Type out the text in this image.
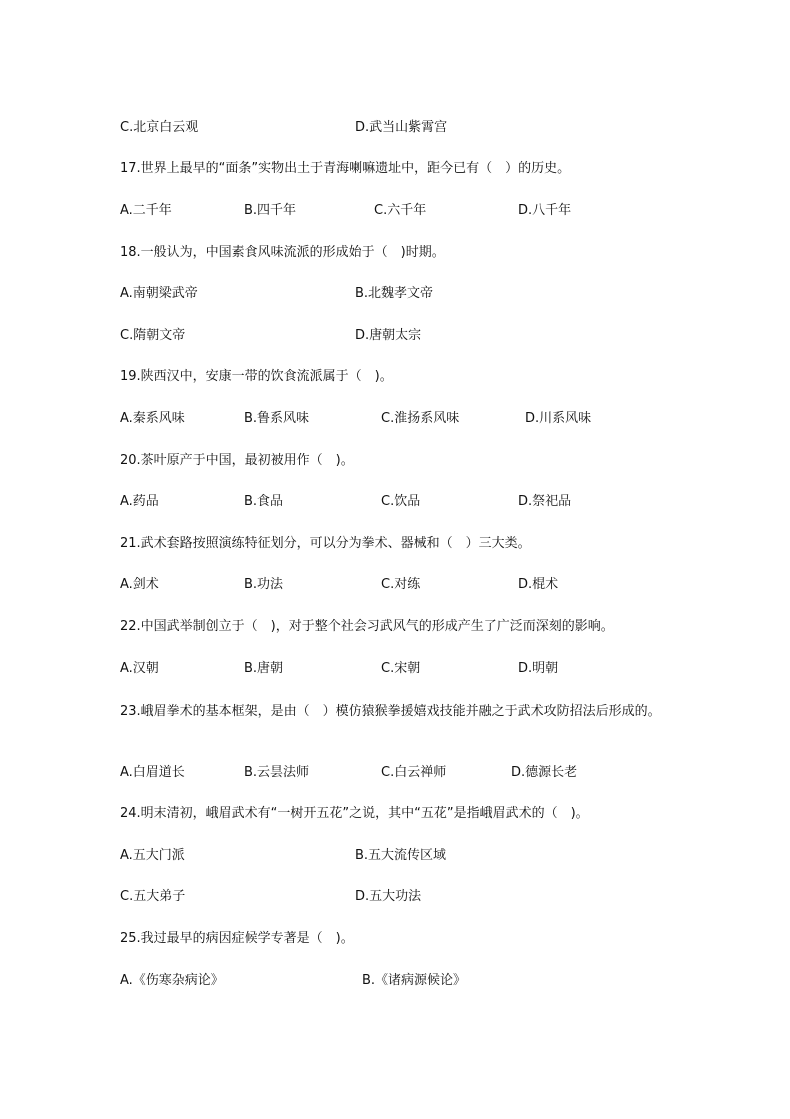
C.北京白云观	D.武当山紫霄宫
17.世界上最早的“面条”实物出土于青海喇嘛遗址中，距今已有（　）的历史。
A.二千年	B.四千年	C.六千年	D.八千年
18.一般认为，中国素食风味流派的形成始于（　)时期。
A.南朝梁武帝	B.北魏孝文帝
C.隋朝文帝	D.唐朝太宗
19.陕西汉中，安康一带的饮食流派属于（　)。
A.秦系风味	B.鲁系风味	C.淮扬系风味	D.川系风味
20.茶叶原产于中国，最初被用作（　)。
A.药品	B.食品	C.饮品	D.祭祀品
21.武术套路按照演练特征划分，可以分为拳术、器械和（　）三大类。
A.剑术	B.功法	C.对练	D.棍术
22.中国武举制创立于（　)，对于整个社会习武风气的形成产生了广泛而深刻的影响。
A.汉朝	B.唐朝	C.宋朝	D.明朝
23.峨眉拳术的基本框架，是由（　）模仿猿猴拳援嬉戏技能并融之于武术攻防招法后形成的。
A.白眉道长	B.云昙法师	C.白云禅师	D.德源长老
24.明末清初，峨眉武术有“一树开五花”之说，其中“五花”是指峨眉武术的（　)。
A.五大门派	B.五大流传区域
C.五大弟子	D.五大功法
25.我过最早的病因症候学专著是（　)。
A.《伤寒杂病论》	B.《诸病源候论》
